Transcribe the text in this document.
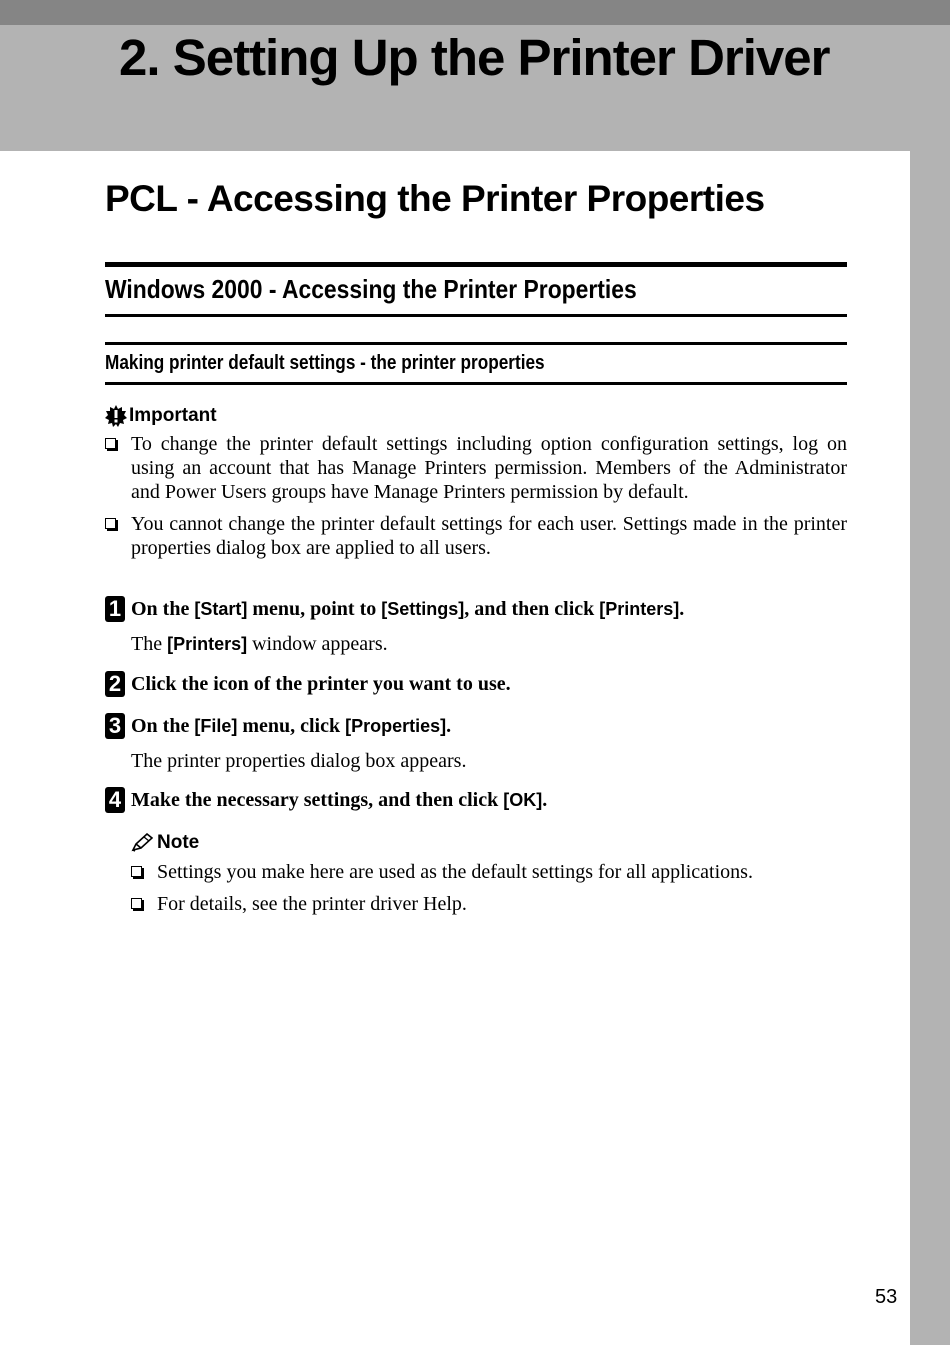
2. Setting Up the Printer Driver
PCL - Accessing the Printer Properties
Windows 2000 - Accessing the Printer Properties
Making printer default settings - the printer properties
Important
To change the printer default settings including option configuration settings, log on using an account that has Manage Printers permission. Members of the Administrator and Power Users groups have Manage Printers permission by default.
You cannot change the printer default settings for each user. Settings made in the printer properties dialog box are applied to all users.
1 On the [Start] menu, point to [Settings], and then click [Printers].
The [Printers] window appears.
2 Click the icon of the printer you want to use.
3 On the [File] menu, click [Properties].
The printer properties dialog box appears.
4 Make the necessary settings, and then click [OK].
Note
Settings you make here are used as the default settings for all applications.
For details, see the printer driver Help.
53
